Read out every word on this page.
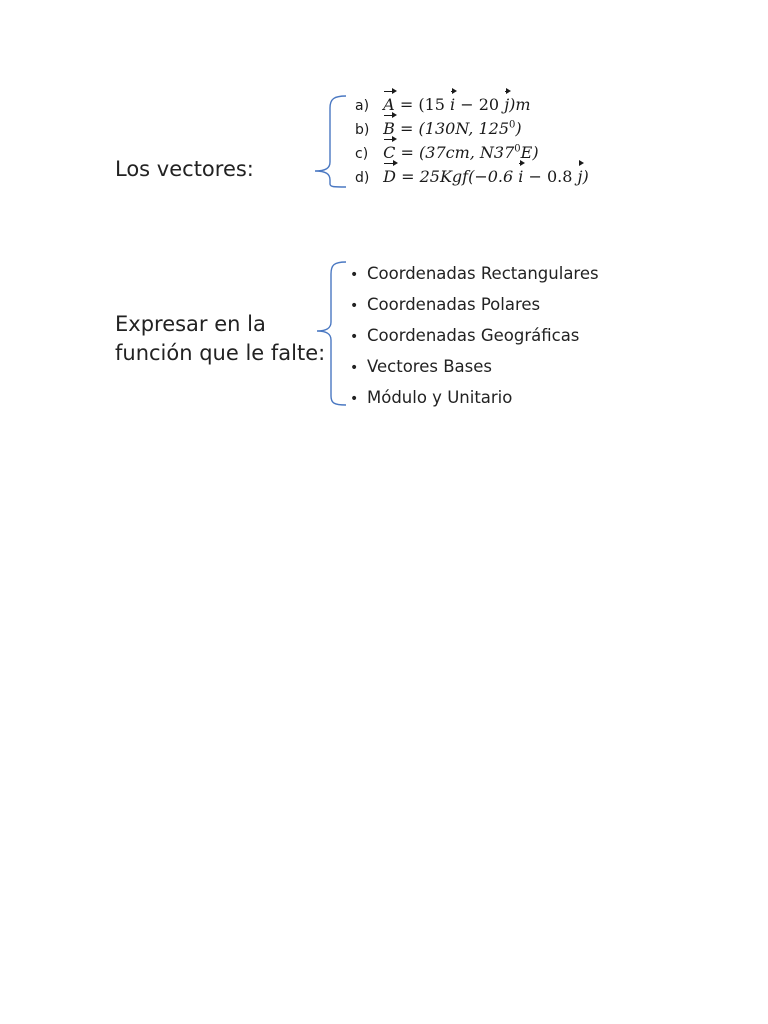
Los vectores:
a) A = (15 i − 20 j)m
b) B = (130N, $125^0$)
c) C = (37cm, $N37^0E$)
d) D = 25Kgf(−0.6 i − 0.8 j)
Expresar en la
función que le falte:
• Coordenadas Rectangulares
• Coordenadas Polares
• Coordenadas Geográficas
• Vectores Bases
• Módulo y Unitario
